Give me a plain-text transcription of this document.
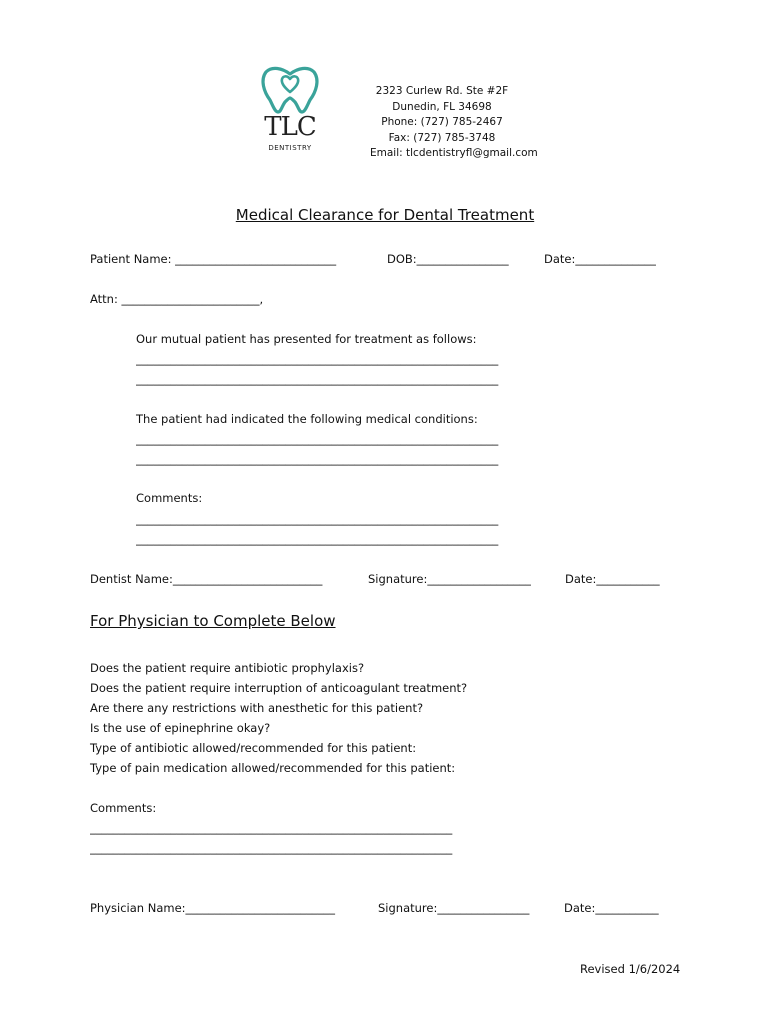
TLC
DENTISTRY
2323 Curlew Rd. Ste #2F
Dunedin, FL 34698
Phone: (727) 785-2467
Fax: (727) 785-3748
Email: tlcdentistryfl@gmail.com
Medical Clearance for Dental Treatment
Patient Name: ____________________________	DOB:________________	Date:______________
Attn: ________________________,
Our mutual patient has presented for treatment as follows:
_______________________________________________________________
_______________________________________________________________
The patient had indicated the following medical conditions:
_______________________________________________________________
_______________________________________________________________
Comments:
_______________________________________________________________
_______________________________________________________________
Dentist Name:__________________________	Signature:__________________	Date:___________
For Physician to Complete Below
Does the patient require antibiotic prophylaxis?
Does the patient require interruption of anticoagulant treatment?
Are there any restrictions with anesthetic for this patient?
Is the use of epinephrine okay?
Type of antibiotic allowed/recommended for this patient:
Type of pain medication allowed/recommended for this patient:
Comments:
_______________________________________________________________
_______________________________________________________________
Physician Name:__________________________	Signature:________________	Date:___________
Revised 1/6/2024
